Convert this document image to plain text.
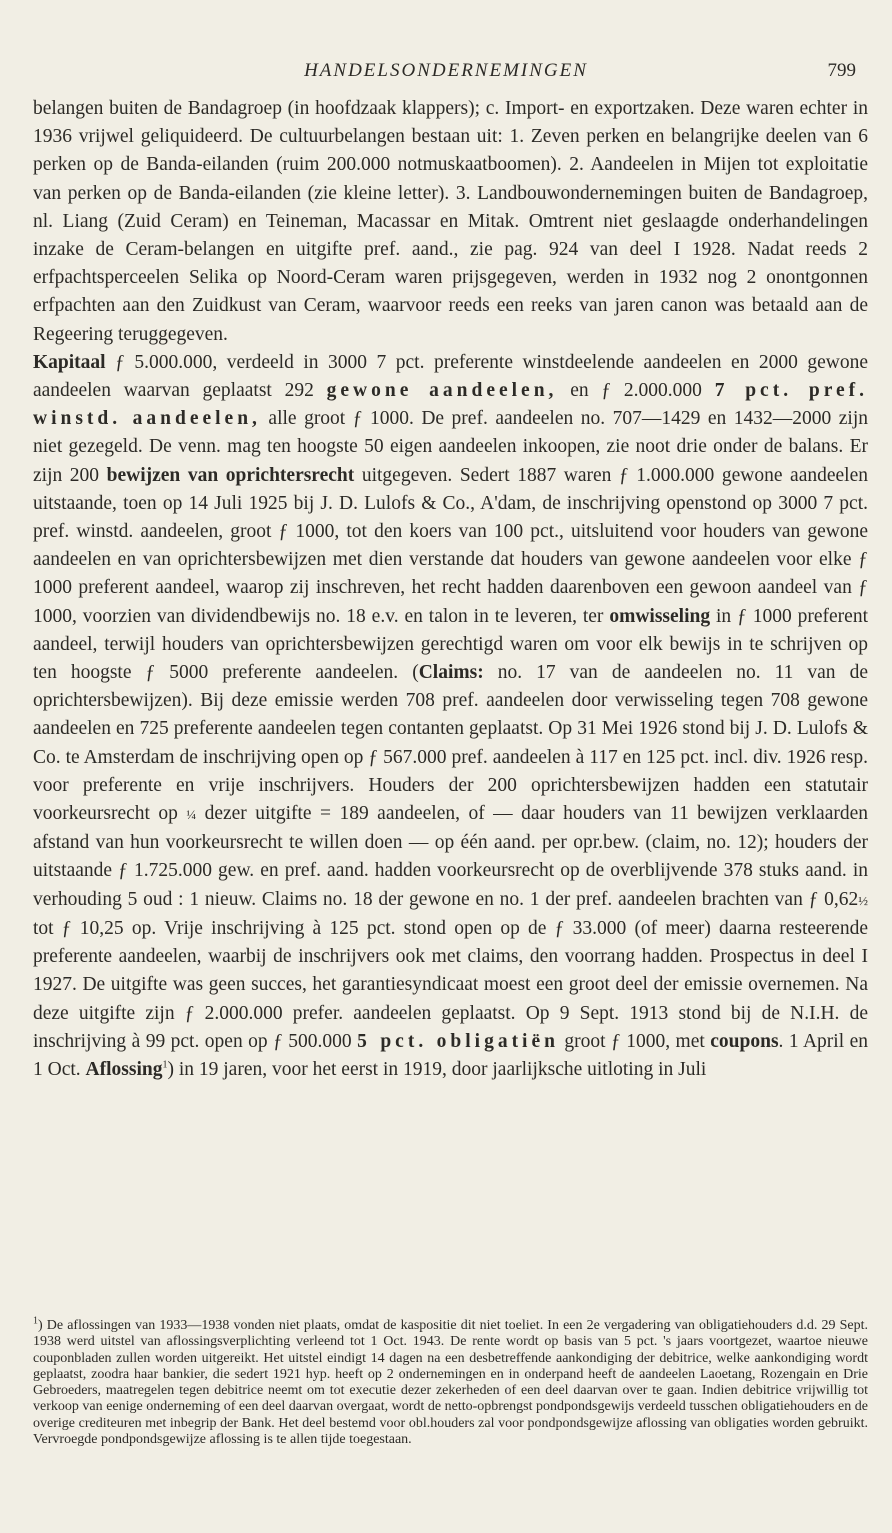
HANDELSONDERNEMINGEN	799

belangen buiten de Bandagroep (in hoofdzaak klappers); c. Import- en exportzaken. Deze waren echter in 1936 vrijwel geliquideerd. De cultuurbelangen bestaan uit: 1. Zeven perken en belangrijke deelen van 6 perken op de Banda-eilanden (ruim 200.000 notmuskaatboomen). 2. Aandeelen in Mijen tot exploitatie van perken op de Banda-eilanden (zie kleine letter). 3. Landbouwondernemingen buiten de Bandagroep, nl. Liang (Zuid Ceram) en Teineman, Macassar en Mitak. Omtrent niet geslaagde onderhandelingen inzake de Ceram-belangen en uitgifte pref. aand., zie pag. 924 van deel I 1928. Nadat reeds 2 erfpachtsperceelen Selika op Noord-Ceram waren prijsgegeven, werden in 1932 nog 2 onontgonnen erfpachten aan den Zuidkust van Ceram, waarvoor reeds een reeks van jaren canon was betaald aan de Regeering teruggegeven.

Kapitaal ƒ 5.000.000, verdeeld in 3000 7 pct. preferente winstdeelende aandeelen en 2000 gewone aandeelen waarvan geplaatst 292 gewone aandeelen, en ƒ 2.000.000 7 pct. pref. winstd. aandeelen, alle groot ƒ 1000. De pref. aandeelen no. 707—1429 en 1432—2000 zijn niet gezegeld. De venn. mag ten hoogste 50 eigen aandeelen inkoopen, zie noot drie onder de balans. Er zijn 200 bewijzen van oprichtersrecht uitgegeven. Sedert 1887 waren ƒ 1.000.000 gewone aandeelen uitstaande, toen op 14 Juli 1925 bij J. D. Lulofs & Co., A'dam, de inschrijving openstond op 3000 7 pct. pref. winstd. aandeelen, groot ƒ 1000, tot den koers van 100 pct., uitsluitend voor houders van gewone aandeelen en van oprichtersbewijzen met dien verstande dat houders van gewone aandeelen voor elke ƒ 1000 preferent aandeel, waarop zij inschreven, het recht hadden daarenboven een gewoon aandeel van ƒ 1000, voorzien van dividendbewijs no. 18 e.v. en talon in te leveren, ter omwisseling in ƒ 1000 preferent aandeel, terwijl houders van oprichtersbewijzen gerechtigd waren om voor elk bewijs in te schrijven op ten hoogste ƒ 5000 preferente aandeelen. (Claims: no. 17 van de aandeelen no. 11 van de oprichtersbewijzen). Bij deze emissie werden 708 pref. aandeelen door verwisseling tegen 708 gewone aandeelen en 725 preferente aandeelen tegen contanten geplaatst. Op 31 Mei 1926 stond bij J. D. Lulofs & Co. te Amsterdam de inschrijving open op ƒ 567.000 pref. aandeelen à 117 en 125 pct. incl. div. 1926 resp. voor preferente en vrije inschrijvers. Houders der 200 oprichtersbewijzen hadden een statutair voorkeursrecht op ¼ dezer uitgifte = 189 aandeelen, of — daar houders van 11 bewijzen verklaarden afstand van hun voorkeursrecht te willen doen — op één aand. per opr.bew. (claim, no. 12); houders der uitstaande ƒ 1.725.000 gew. en pref. aand. hadden voorkeursrecht op de overblijvende 378 stuks aand. in verhouding 5 oud : 1 nieuw. Claims no. 18 der gewone en no. 1 der pref. aandeelen brachten van ƒ 0,62½ tot ƒ 10,25 op. Vrije inschrijving à 125 pct. stond open op de ƒ 33.000 (of meer) daarna resteerende preferente aandeelen, waarbij de inschrijvers ook met claims, den voorrang hadden. Prospectus in deel I 1927. De uitgifte was geen succes, het garantiesyndicaat moest een groot deel der emissie overnemen. Na deze uitgifte zijn ƒ 2.000.000 prefer. aandeelen geplaatst. Op 9 Sept. 1913 stond bij de N.I.H. de inschrijving à 99 pct. open op ƒ 500.000 5 pct. obligatiën groot ƒ 1000, met coupons. 1 April en 1 Oct. Aflossing$^1$) in 19 jaren, voor het eerst in 1919, door jaarlijksche uitloting in Juli

$^1$) De aflossingen van 1933—1938 vonden niet plaats, omdat de kaspositie dit niet toeliet. In een 2e vergadering van obligatiehouders d.d. 29 Sept. 1938 werd uitstel van aflossingsverplichting verleend tot 1 Oct. 1943. De rente wordt op basis van 5 pct. 's jaars voortgezet, waartoe nieuwe couponbladen zullen worden uitgereikt. Het uitstel eindigt 14 dagen na een desbetreffende aankondiging der debitrice, welke aankondiging wordt geplaatst, zoodra haar bankier, die sedert 1921 hyp. heeft op 2 ondernemingen en in onderpand heeft de aandeelen Laoetang, Rozengain en Drie Gebroeders, maatregelen tegen debitrice neemt om tot executie dezer zekerheden of een deel daarvan over te gaan. Indien debitrice vrijwillig tot verkoop van eenige onderneming of een deel daarvan overgaat, wordt de netto-opbrengst pondpondsgewijs verdeeld tusschen obligatiehouders en de overige crediteuren met inbegrip der Bank. Het deel bestemd voor obl.houders zal voor pondpondsgewijze aflossing van obligaties worden gebruikt. Vervroegde pondpondsgewijze aflossing is te allen tijde toegestaan.
